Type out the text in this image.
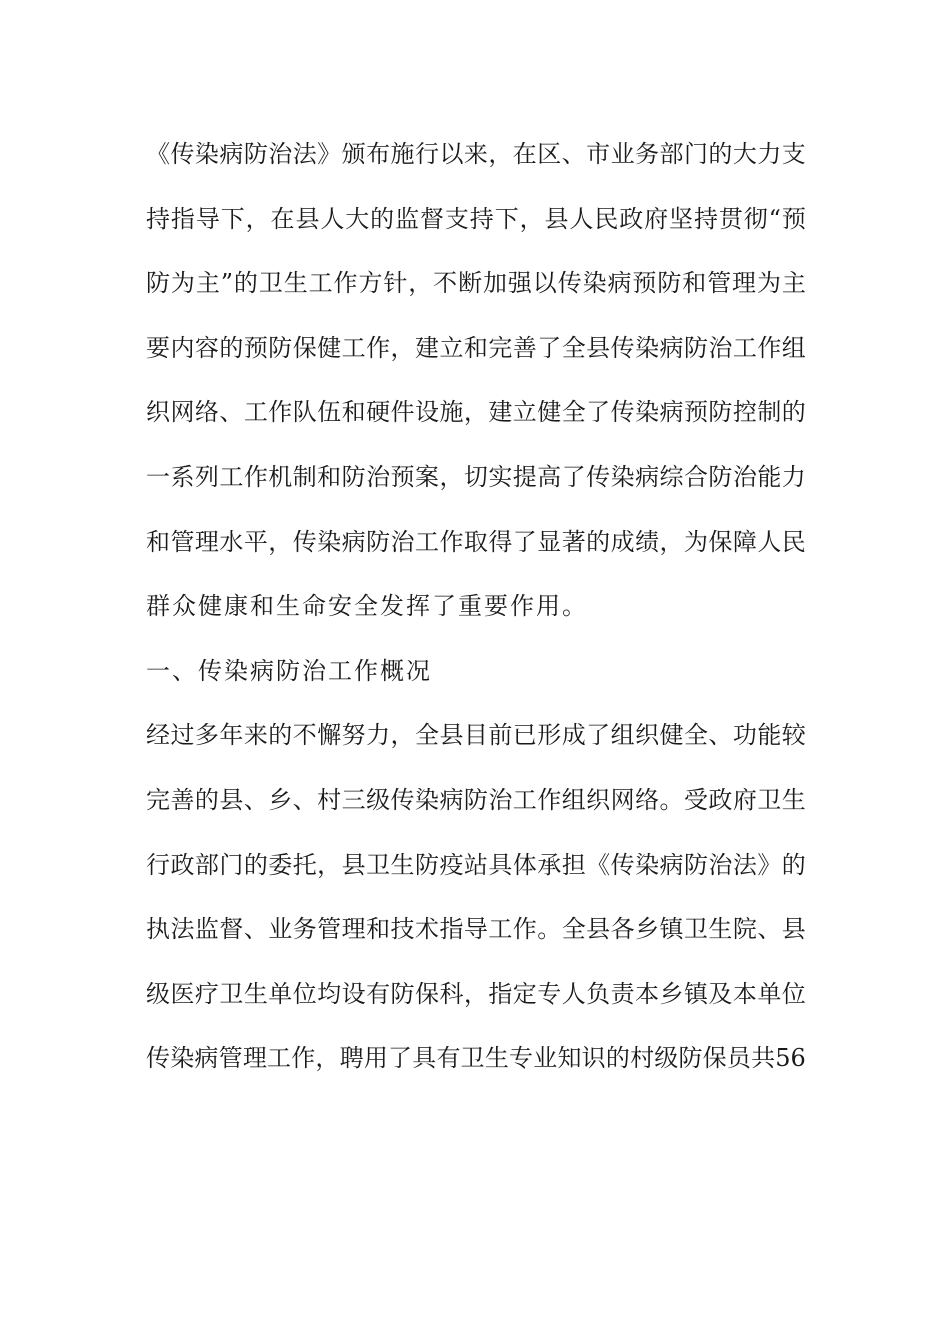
《 传 染 病 防 治 法 》 颁 布 施 行 以 来 ， 在 区 、 市 业 务 部 门 的 大 力 支
持 指 导 下 ， 在 县 人 大 的 监 督 支 持 下 ， 县 人 民 政 府 坚 持 贯 彻 “ 预
防 为 主 ” 的 卫 生 工 作 方 针 ， 不 断 加 强 以 传 染 病 预 防 和 管 理 为 主
要 内 容 的 预 防 保 健 工 作 ， 建 立 和 完 善 了 全 县 传 染 病 防 治 工 作 组
织 网 络 、 工 作 队 伍 和 硬 件 设 施 ， 建 立 健 全 了 传 染 病 预 防 控 制 的
一 系 列 工 作 机 制 和 防 治 预 案 ， 切 实 提 高 了 传 染 病 综 合 防 治 能 力
和 管 理 水 平 ， 传 染 病 防 治 工 作 取 得 了 显 著 的 成 绩 ， 为 保 障 人 民
群众健康和生命安全发挥了重要作用。
一、传染病防治工作概况
经 过 多 年 来 的 不 懈 努 力 ， 全 县 目 前 已 形 成 了 组 织 健 全 、 功 能 较
完 善 的 县 、 乡 、 村 三 级 传 染 病 防 治 工 作 组 织 网 络 。 受 政 府 卫 生
行 政 部 门 的 委 托 ， 县 卫 生 防 疫 站 具 体 承 担 《 传 染 病 防 治 法 》 的
执 法 监 督 、 业 务 管 理 和 技 术 指 导 工 作 。 全 县 各 乡 镇 卫 生 院 、 县
级 医 疗 卫 生 单 位 均 设 有 防 保 科 ， 指 定 专 人 负 责 本 乡 镇 及 本 单 位
传 染 病 管 理 工 作 ， 聘 用 了 具 有 卫 生 专 业 知 识 的 村 级 防 保 员 共 56
